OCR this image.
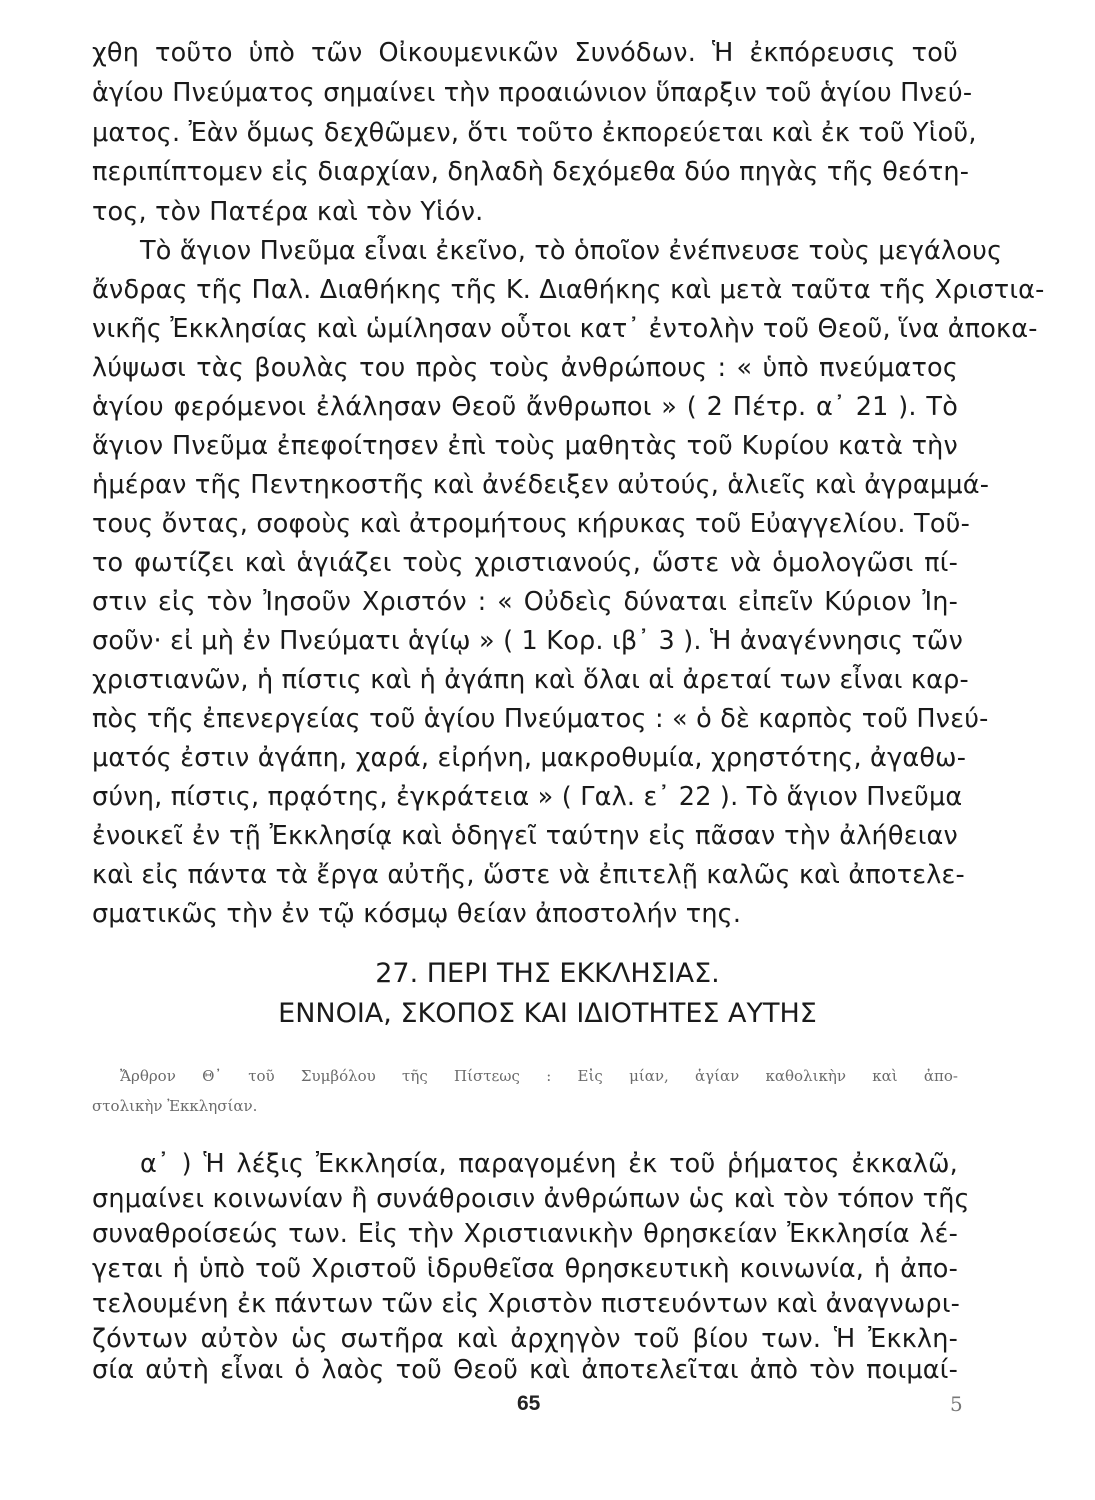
χθη τοῦτο ὑπὸ τῶν Οἰκουμενικῶν Συνόδων. Ἡ ἐκπόρευσις τοῦ
ἁγίου Πνεύματος σημαίνει τὴν προαιώνιον ὕπαρξιν τοῦ ἁγίου Πνεύ-
ματος. Ἐὰν ὅμως δεχθῶμεν, ὅτι τοῦτο ἐκπορεύεται καὶ ἐκ τοῦ Υἱοῦ,
περιπίπτομεν εἰς διαρχίαν, δηλαδὴ δεχόμεθα δύο πηγὰς τῆς θεότη-
τος, τὸν Πατέρα καὶ τὸν Υἱόν.
Τὸ ἅγιον Πνεῦμα εἶναι ἐκεῖνο, τὸ ὁποῖον ἐνέπνευσε τοὺς μεγάλους
ἄνδρας τῆς Παλ. Διαθήκης τῆς Κ. Διαθήκης καὶ μετὰ ταῦτα τῆς Χριστια-
νικῆς Ἐκκλησίας καὶ ὡμίλησαν οὗτοι κατ᾽ ἐντολὴν τοῦ Θεοῦ, ἵνα ἀποκα-
λύψωσι τὰς βουλὰς του πρὸς τοὺς ἀνθρώπους : « ὑπὸ πνεύματος
ἁγίου φερόμενοι ἐλάλησαν Θεοῦ ἄνθρωποι » ( 2 Πέτρ. α᾽ 21 ). Τὸ
ἅγιον Πνεῦμα ἐπεφοίτησεν ἐπὶ τοὺς μαθητὰς τοῦ Κυρίου κατὰ τὴν
ἡμέραν τῆς Πεντηκοστῆς καὶ ἀνέδειξεν αὐτούς, ἁλιεῖς καὶ ἀγραμμά-
τους ὄντας, σοφοὺς καὶ ἀτρομήτους κήρυκας τοῦ Εὐαγγελίου. Τοῦ-
το φωτίζει καὶ ἁγιάζει τοὺς χριστιανούς, ὥστε νὰ ὁμολογῶσι πί-
στιν εἰς τὸν Ἰησοῦν Χριστόν : « Οὐδεὶς δύναται εἰπεῖν Κύριον Ἰη-
σοῦν· εἰ μὴ ἐν Πνεύματι ἁγίῳ » ( 1 Κορ. ιβ᾽ 3 ). Ἡ ἀναγέννησις τῶν
χριστιανῶν, ἡ πίστις καὶ ἡ ἀγάπη καὶ ὅλαι αἱ ἀρεταί των εἶναι καρ-
πὸς τῆς ἐπενεργείας τοῦ ἁγίου Πνεύματος : « ὁ δὲ καρπὸς τοῦ Πνεύ-
ματός ἐστιν ἀγάπη, χαρά, εἰρήνη, μακροθυμία, χρηστότης, ἀγαθω-
σύνη, πίστις, πρᾳότης, ἐγκράτεια » ( Γαλ. ε᾽ 22 ). Τὸ ἅγιον Πνεῦμα
ἐνοικεῖ ἐν τῇ Ἐκκλησίᾳ καὶ ὁδηγεῖ ταύτην εἰς πᾶσαν τὴν ἀλήθειαν
καὶ εἰς πάντα τὰ ἔργα αὐτῆς, ὥστε νὰ ἐπιτελῇ καλῶς καὶ ἀποτελε-
σματικῶς τὴν ἐν τῷ κόσμῳ θείαν ἀποστολήν της.
27. ΠΕΡΙ ΤΗΣ ΕΚΚΛΗΣΙΑΣ.
ΕΝΝΟΙΑ, ΣΚΟΠΟΣ ΚΑΙ ΙΔΙΟΤΗΤΕΣ ΑΥΤΗΣ
Ἄρθρον Θ᾽ τοῦ Συμβόλου τῆς Πίστεως : Εἰς μίαν, ἁγίαν καθολικὴν καὶ ἀπο-
στολικὴν Ἐκκλησίαν.
α᾽ ) Ἡ λέξις Ἐκκλησία, παραγομένη ἐκ τοῦ ῥήματος ἐκκαλῶ,
σημαίνει κοινωνίαν ἢ συνάθροισιν ἀνθρώπων ὡς καὶ τὸν τόπον τῆς
συναθροίσεώς των. Εἰς τὴν Χριστιανικὴν θρησκείαν Ἐκκλησία λέ-
γεται ἡ ὑπὸ τοῦ Χριστοῦ ἱδρυθεῖσα θρησκευτικὴ κοινωνία, ἡ ἀπο-
τελουμένη ἐκ πάντων τῶν εἰς Χριστὸν πιστευόντων καὶ ἀναγνωρι-
ζόντων αὐτὸν ὡς σωτῆρα καὶ ἀρχηγὸν τοῦ βίου των. Ἡ Ἐκκλη-
65	5
σία αὐτὴ εἶναι ὁ λαὸς τοῦ Θεοῦ καὶ ἀποτελεῖται ἀπὸ τὸν ποιμαί-
